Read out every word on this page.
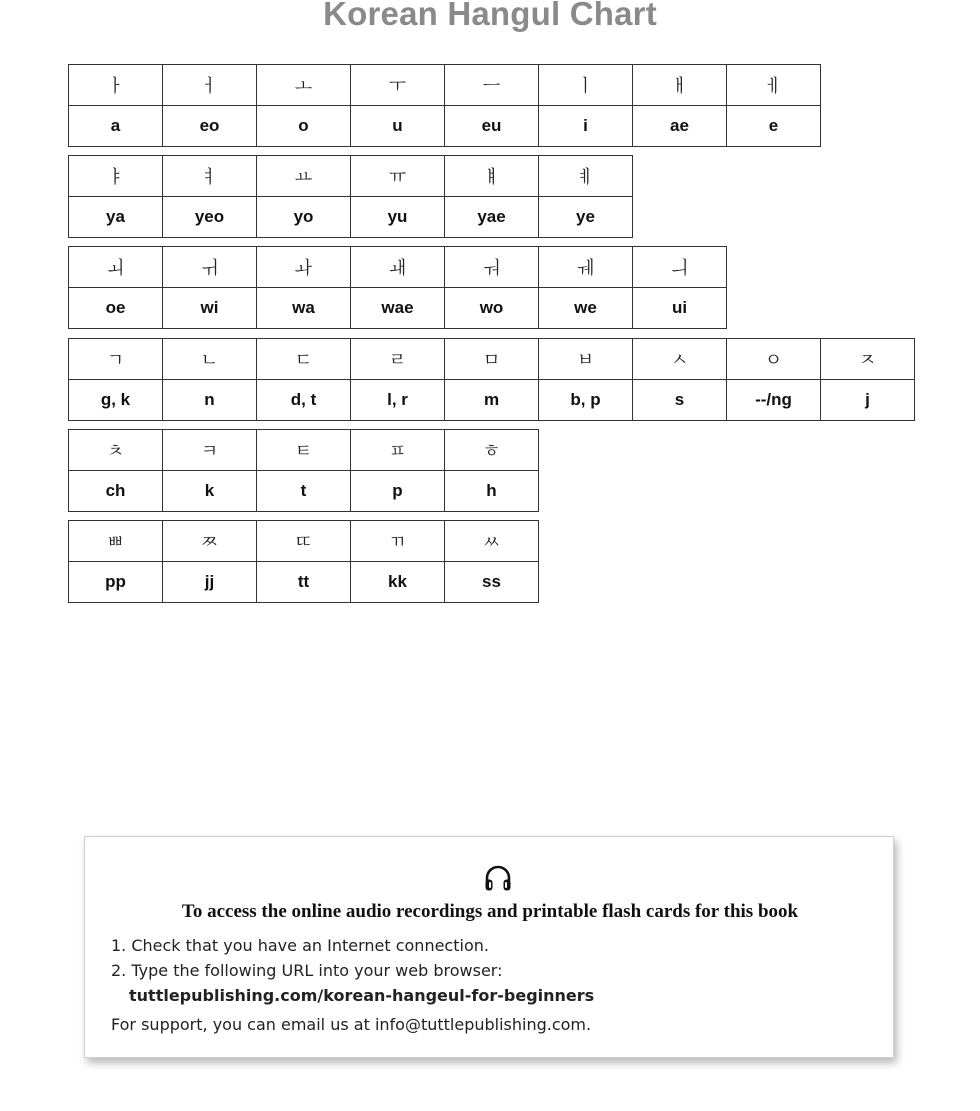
Korean Hangul Chart
ㅏ	ㅓ	ㅗ	ㅜ	ㅡ	ㅣ	ㅐ	ㅔ
a	eo	o	u	eu	i	ae	e
ㅑ	ㅕ	ㅛ	ㅠ	ㅒ	ㅖ
ya	yeo	yo	yu	yae	ye
ㅚ	ㅟ	ㅘ	ㅙ	ㅝ	ㅞ	ㅢ
oe	wi	wa	wae	wo	we	ui
ㄱ	ㄴ	ㄷ	ㄹ	ㅁ	ㅂ	ㅅ	ㅇ	ㅈ
g, k	n	d, t	l, r	m	b, p	s	--/ng	j
ㅊ	ㅋ	ㅌ	ㅍ	ㅎ
ch	k	t	p	h
ㅃ	ㅉ	ㄸ	ㄲ	ㅆ
pp	jj	tt	kk	ss
To access the online audio recordings and printable flash cards for this book
1. Check that you have an Internet connection.
2. Type the following URL into your web browser:
tuttlepublishing.com/korean-hangeul-for-beginners
For support, you can email us at info@tuttlepublishing.com.
